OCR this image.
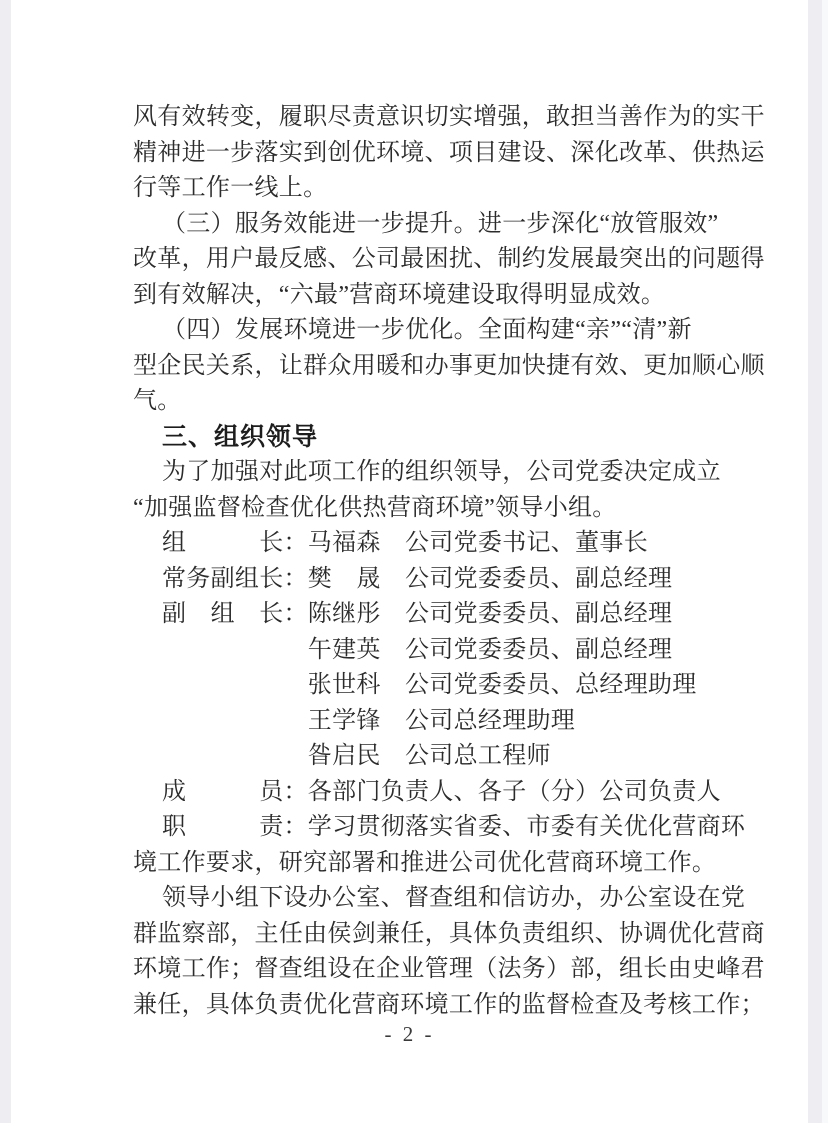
风有效转变，履职尽责意识切实增强，敢担当善作为的实干
精神进一步落实到创优环境、项目建设、深化改革、供热运
行等工作一线上。
（三）服务效能进一步提升。进一步深化“放管服效”
改革，用户最反感、公司最困扰、制约发展最突出的问题得
到有效解决，“六最”营商环境建设取得明显成效。
（四）发展环境进一步优化。全面构建“亲”“清”新
型企民关系，让群众用暖和办事更加快捷有效、更加顺心顺
气。
三、组织领导
为了加强对此项工作的组织领导，公司党委决定成立
“加强监督检查优化供热营商环境”领导小组。
组　　　长：马福森　公司党委书记、董事长
常务副组长：樊　晟　公司党委委员、副总经理
副　组　长：陈继彤　公司党委委员、副总经理
　　　　　　午建英　公司党委委员、副总经理
　　　　　　张世科　公司党委委员、总经理助理
　　　　　　王学锋　公司总经理助理
　　　　　　昝启民　公司总工程师
成　　　员：各部门负责人、各子（分）公司负责人
职　　　责：学习贯彻落实省委、市委有关优化营商环
境工作要求，研究部署和推进公司优化营商环境工作。
领导小组下设办公室、督查组和信访办，办公室设在党
群监察部，主任由侯剑兼任，具体负责组织、协调优化营商
环境工作；督查组设在企业管理（法务）部，组长由史峰君
兼任，具体负责优化营商环境工作的监督检查及考核工作；
- 2 -
